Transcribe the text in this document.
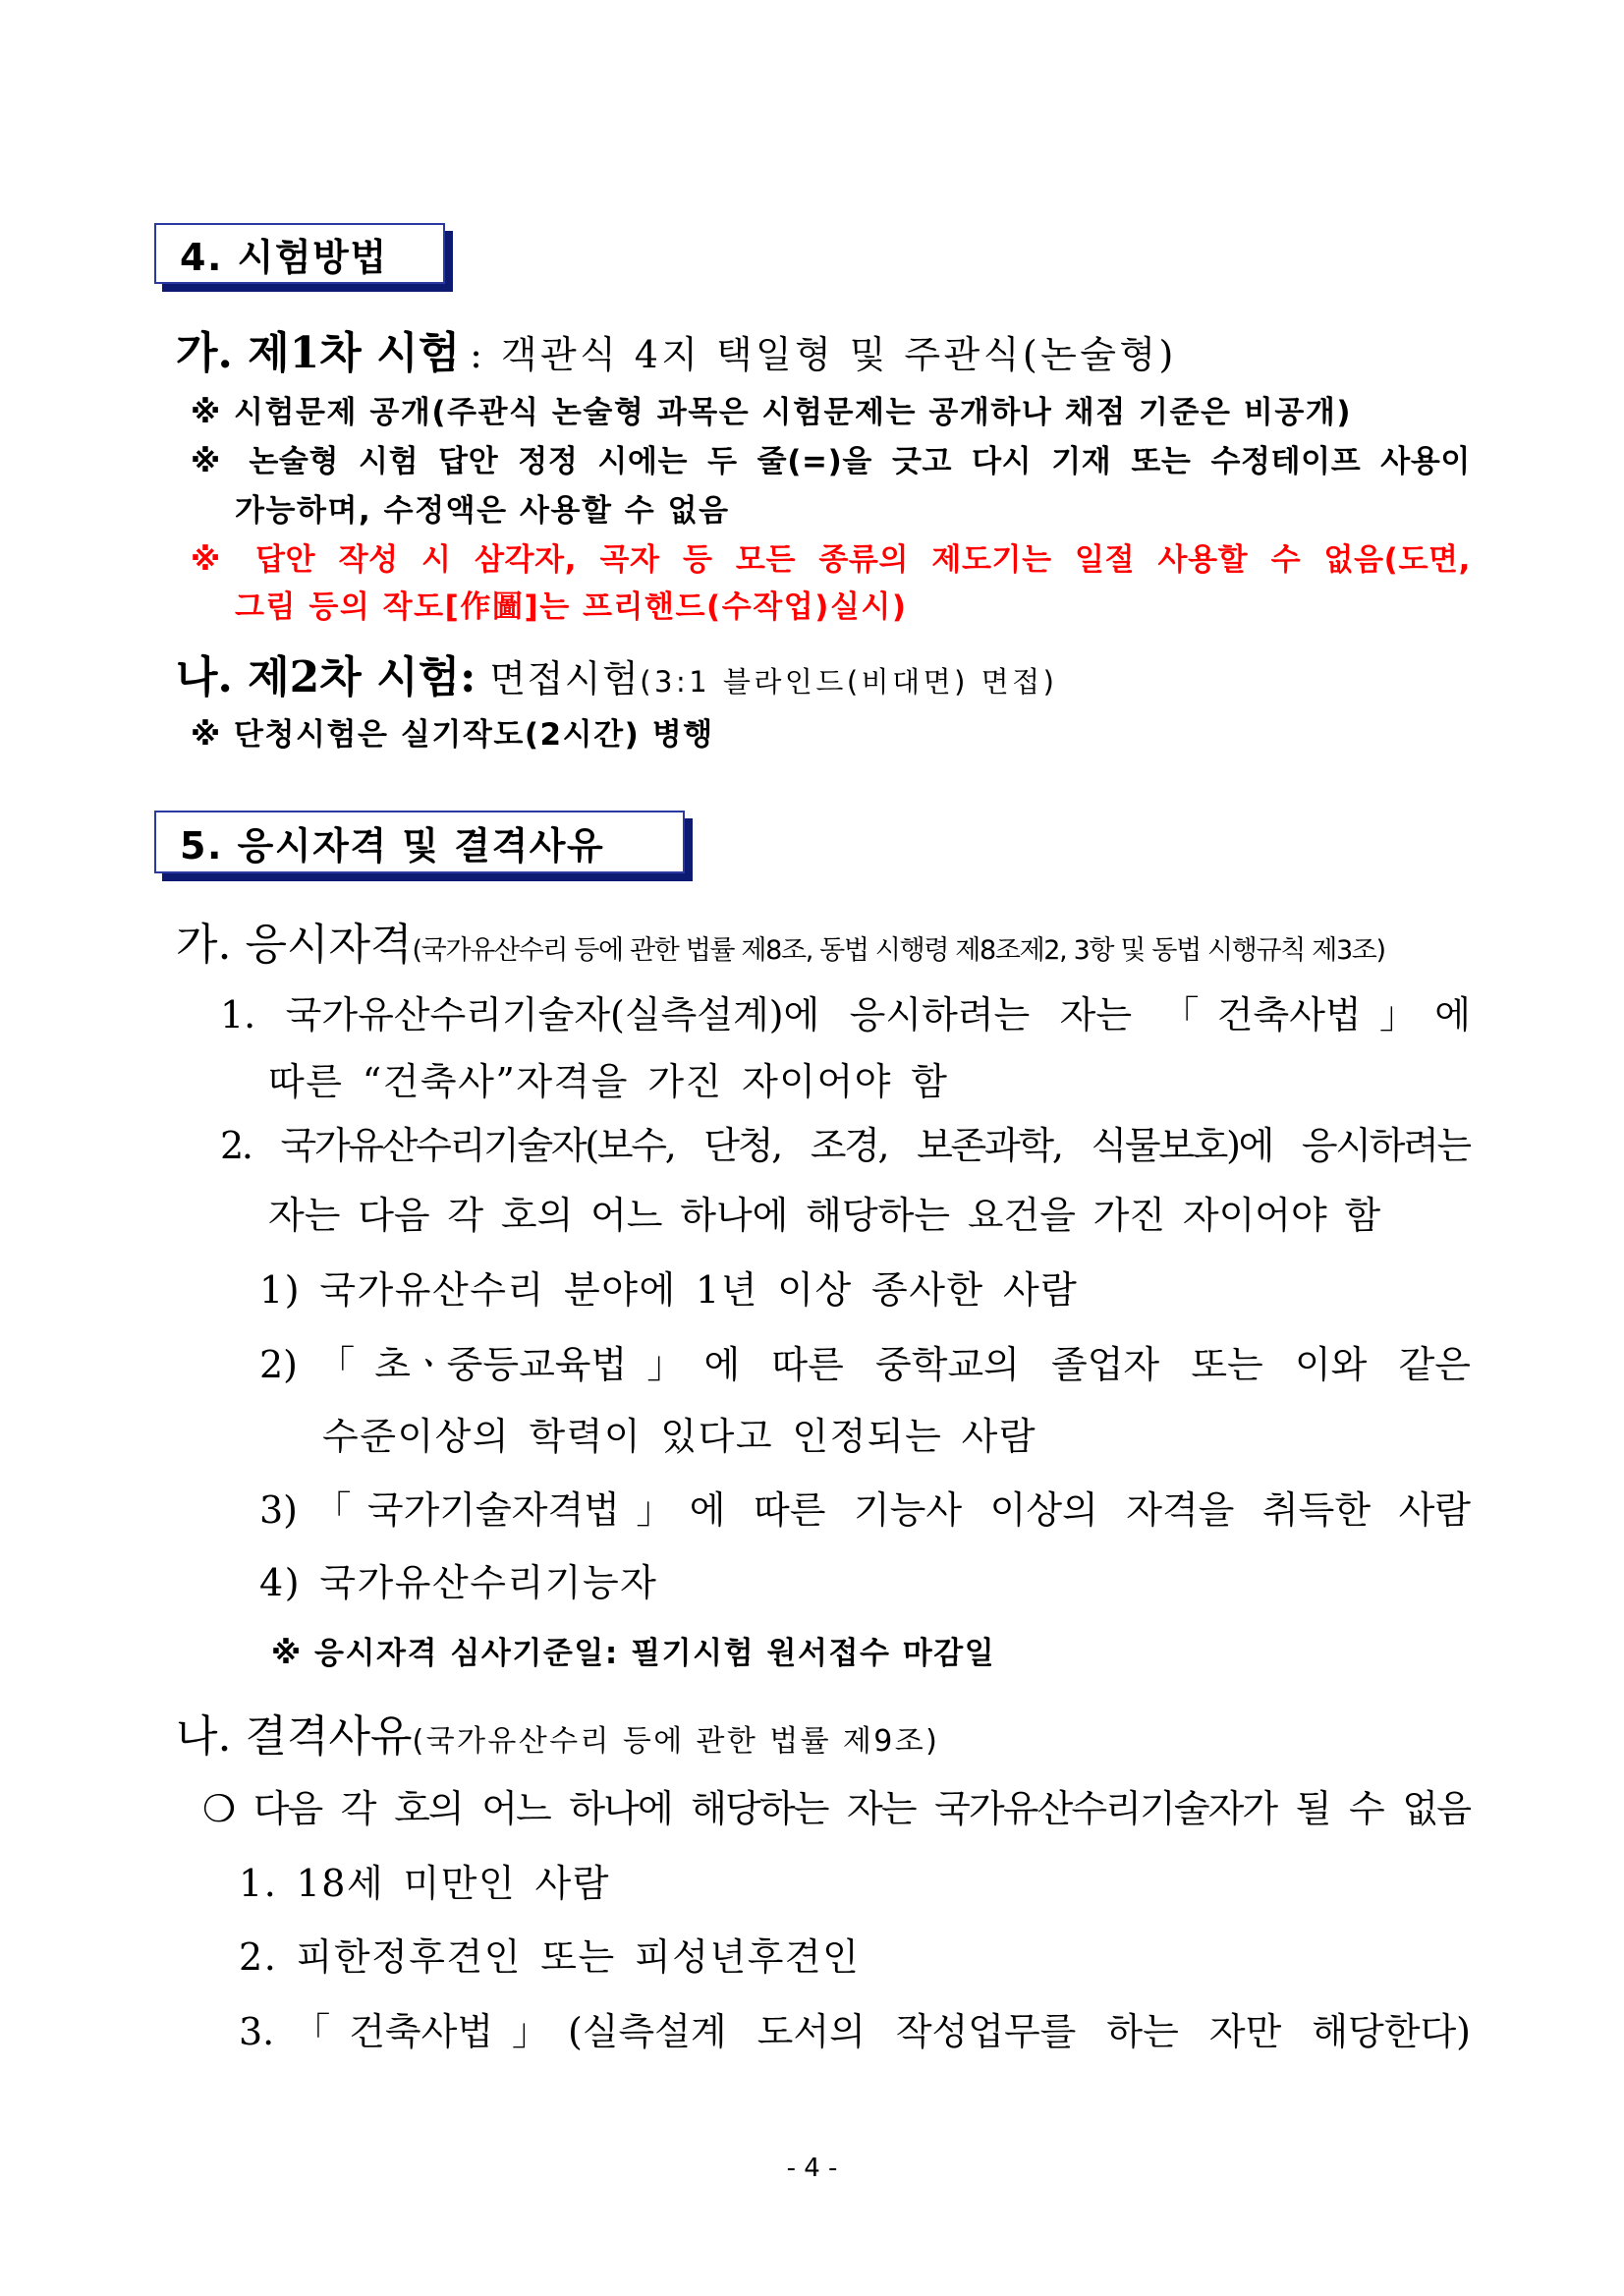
4. 시험방법
가. 제1차 시험 : 객관식 4지 택일형 및 주관식(논술형)
※ 시험문제 공개(주관식 논술형 과목은 시험문제는 공개하나 채점 기준은 비공개)
※ 논술형 시험 답안 정정 시에는 두 줄(=)을 긋고 다시 기재 또는 수정테이프 사용이
가능하며, 수정액은 사용할 수 없음
※ 답안 작성 시 삼각자, 곡자 등 모든 종류의 제도기는 일절 사용할 수 없음(도면,
그림 등의 작도[作圖]는 프리핸드(수작업)실시)
나. 제2차 시험: 면접시험(3:1 블라인드(비대면) 면접)
※ 단청시험은 실기작도(2시간) 병행
5. 응시자격 및 결격사유
가. 응시자격(국가유산수리 등에 관한 법률 제8조, 동법 시행령 제8조제2, 3항 및 동법 시행규칙 제3조)
1. 국가유산수리기술자(실측설계)에 응시하려는 자는 「건축사법」에
따른 “건축사”자격을 가진 자이어야 함
2. 국가유산수리기술자(보수, 단청, 조경, 보존과학, 식물보호)에 응시하려는
자는 다음 각 호의 어느 하나에 해당하는 요건을 가진 자이어야 함
1) 국가유산수리 분야에 1년 이상 종사한 사람
2)「초ㆍ중등교육법」에 따른 중학교의 졸업자 또는 이와 같은
수준이상의 학력이 있다고 인정되는 사람
3)「국가기술자격법」에 따른 기능사 이상의 자격을 취득한 사람
4) 국가유산수리기능자
※ 응시자격 심사기준일: 필기시험 원서접수 마감일
나. 결격사유(국가유산수리 등에 관한 법률 제9조)
❍ 다음 각 호의 어느 하나에 해당하는 자는 국가유산수리기술자가 될 수 없음
1. 18세 미만인 사람
2. 피한정후견인 또는 피성년후견인
3.「건축사법」(실측설계 도서의 작성업무를 하는 자만 해당한다)
- 4 -
